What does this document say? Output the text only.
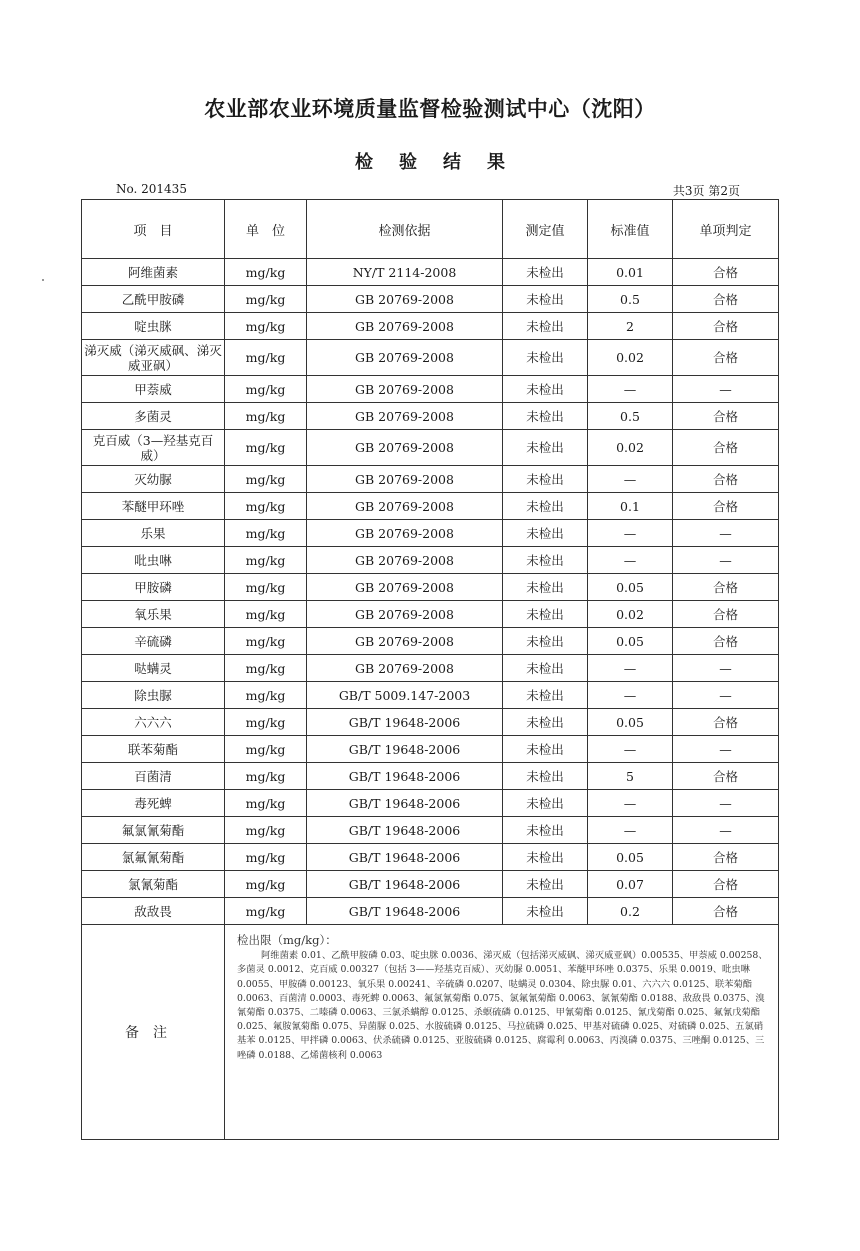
农业部农业环境质量监督检验测试中心（沈阳）
检验结果
No. 201435	共3页 第2页
项　目	单　位	检测依据	测定值	标准值	单项判定
阿维菌素	mg/kg	NY/T 2114-2008	未检出	0.01	合格
乙酰甲胺磷	mg/kg	GB 20769-2008	未检出	0.5	合格
啶虫脒	mg/kg	GB 20769-2008	未检出	2	合格
涕灭威（涕灭威砜、涕灭威亚砜）	mg/kg	GB 20769-2008	未检出	0.02	合格
甲萘威	mg/kg	GB 20769-2008	未检出	—	—
多菌灵	mg/kg	GB 20769-2008	未检出	0.5	合格
克百威（3—羟基克百威）	mg/kg	GB 20769-2008	未检出	0.02	合格
灭幼脲	mg/kg	GB 20769-2008	未检出	—	合格
苯醚甲环唑	mg/kg	GB 20769-2008	未检出	0.1	合格
乐果	mg/kg	GB 20769-2008	未检出	—	—
吡虫啉	mg/kg	GB 20769-2008	未检出	—	—
甲胺磷	mg/kg	GB 20769-2008	未检出	0.05	合格
氧乐果	mg/kg	GB 20769-2008	未检出	0.02	合格
辛硫磷	mg/kg	GB 20769-2008	未检出	0.05	合格
哒螨灵	mg/kg	GB 20769-2008	未检出	—	—
除虫脲	mg/kg	GB/T 5009.147-2003	未检出	—	—
六六六	mg/kg	GB/T 19648-2006	未检出	0.05	合格
联苯菊酯	mg/kg	GB/T 19648-2006	未检出	—	—
百菌清	mg/kg	GB/T 19648-2006	未检出	5	合格
毒死蜱	mg/kg	GB/T 19648-2006	未检出	—	—
氟氯氰菊酯	mg/kg	GB/T 19648-2006	未检出	—	—
氯氟氰菊酯	mg/kg	GB/T 19648-2006	未检出	0.05	合格
氯氰菊酯	mg/kg	GB/T 19648-2006	未检出	0.07	合格
敌敌畏	mg/kg	GB/T 19648-2006	未检出	0.2	合格
备注	检出限（mg/kg）：
阿维菌素 0.01、乙酰甲胺磷 0.03、啶虫脒 0.0036、涕灭威（包括涕灭威砜、涕灭威亚砜）0.00535、甲萘威 0.00258、多菌灵 0.0012、克百威 0.00327（包括 3——羟基克百威）、灭幼脲 0.0051、苯醚甲环唑 0.0375、乐果 0.0019、吡虫啉 0.0055、甲胺磷 0.00123、氧乐果 0.00241、辛硫磷 0.0207、哒螨灵 0.0304、除虫脲 0.01、六六六 0.0125、联苯菊酯 0.0063、百菌清 0.0003、毒死蜱 0.0063、氟氯氰菊酯 0.075、氯氟氰菊酯 0.0063、氯氰菊酯 0.0188、敌敌畏 0.0375、溴氰菊酯 0.0375、二嗪磷 0.0063、三氯杀螨醇 0.0125、杀螟硫磷 0.0125、甲氰菊酯 0.0125、氰戊菊酯 0.025、氟氰戊菊酯 0.025、氟胺氰菊酯 0.075、异菌脲 0.025、水胺硫磷 0.0125、马拉硫磷 0.025、甲基对硫磷 0.025、对硫磷 0.025、五氯硝基苯 0.0125、甲拌磷 0.0063、伏杀硫磷 0.0125、亚胺硫磷 0.0125、腐霉利 0.0063、丙溴磷 0.0375、三唑酮 0.0125、三唑磷 0.0188、乙烯菌核利 0.0063				
